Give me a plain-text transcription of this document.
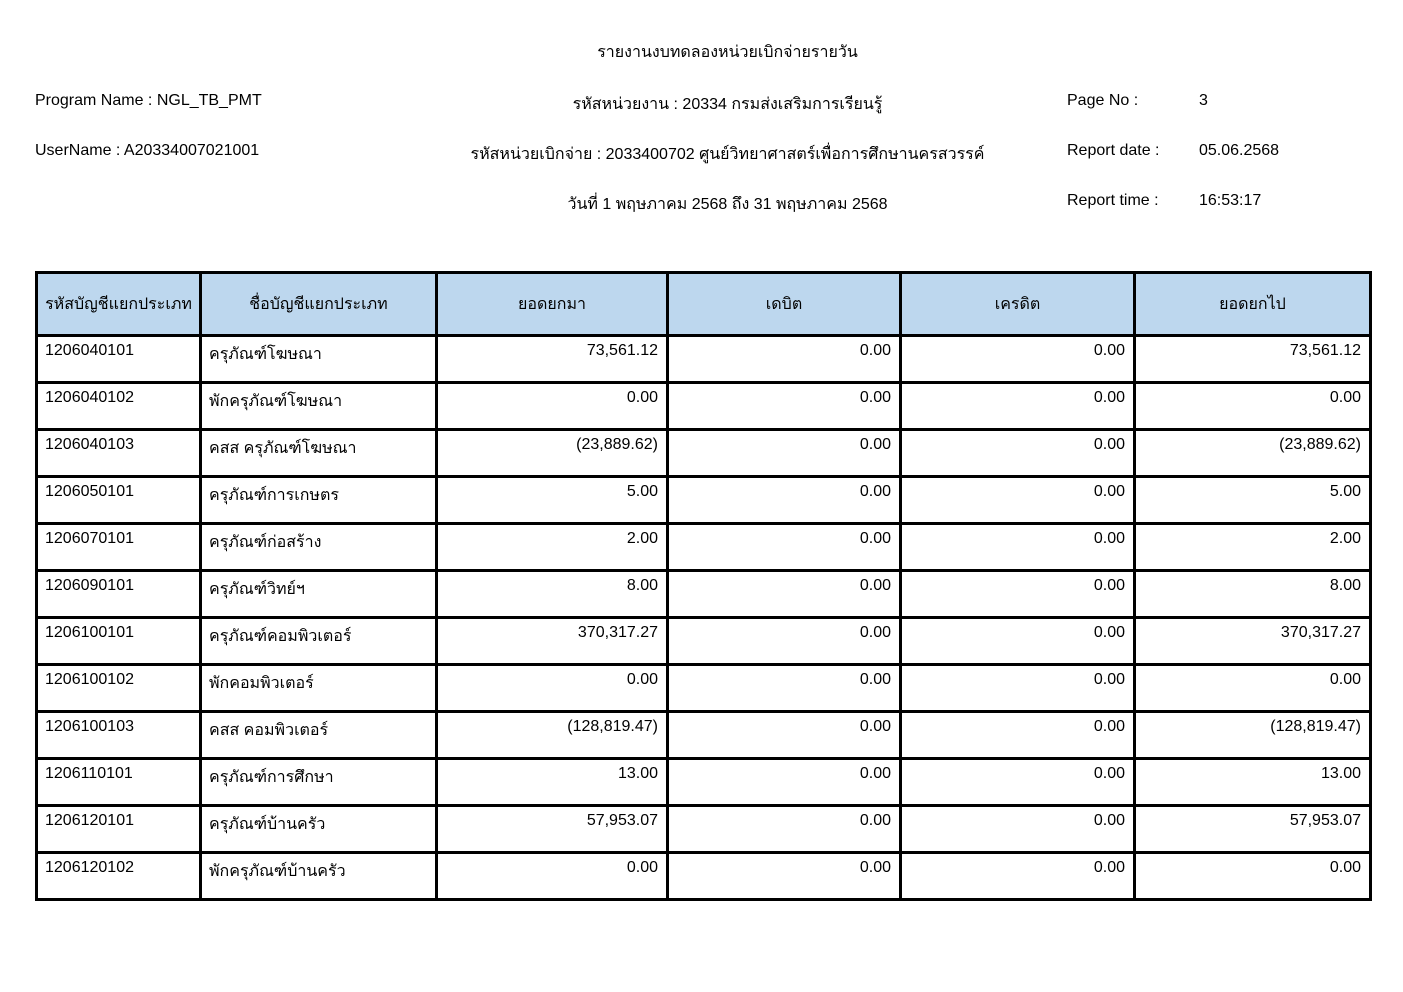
รายงานงบทดลองหน่วยเบิกจ่ายรายวัน
Program Name : NGL_TB_PMT	รหัสหน่วยงาน : 20334 กรมส่งเสริมการเรียนรู้	Page No :	3
UserName : A20334007021001	รหัสหน่วยเบิกจ่าย : 2033400702 ศูนย์วิทยาศาสตร์เพื่อการศึกษานครสวรรค์	Report date : 05.06.2568
วันที่ 1 พฤษภาคม 2568 ถึง 31 พฤษภาคม 2568	Report time :	16:53:17
รหัสบัญชีแยกประเภท	ชื่อบัญชีแยกประเภท	ยอดยกมา	เดบิต	เครดิต	ยอดยกไป
1206040101	ครุภัณฑ์โฆษณา	73,561.12	0.00	0.00	73,561.12
1206040102	พักครุภัณฑ์โฆษณา	0.00	0.00	0.00	0.00
1206040103	คสส ครุภัณฑ์โฆษณา	(23,889.62)	0.00	0.00	(23,889.62)
1206050101	ครุภัณฑ์การเกษตร	5.00	0.00	0.00	5.00
1206070101	ครุภัณฑ์ก่อสร้าง	2.00	0.00	0.00	2.00
1206090101	ครุภัณฑ์วิทย์ฯ	8.00	0.00	0.00	8.00
1206100101	ครุภัณฑ์คอมพิวเตอร์	370,317.27	0.00	0.00	370,317.27
1206100102	พักคอมพิวเตอร์	0.00	0.00	0.00	0.00
1206100103	คสส คอมพิวเตอร์	(128,819.47)	0.00	0.00	(128,819.47)
1206110101	ครุภัณฑ์การศึกษา	13.00	0.00	0.00	13.00
1206120101	ครุภัณฑ์บ้านครัว	57,953.07	0.00	0.00	57,953.07
1206120102	พักครุภัณฑ์บ้านครัว	0.00	0.00	0.00	0.00
